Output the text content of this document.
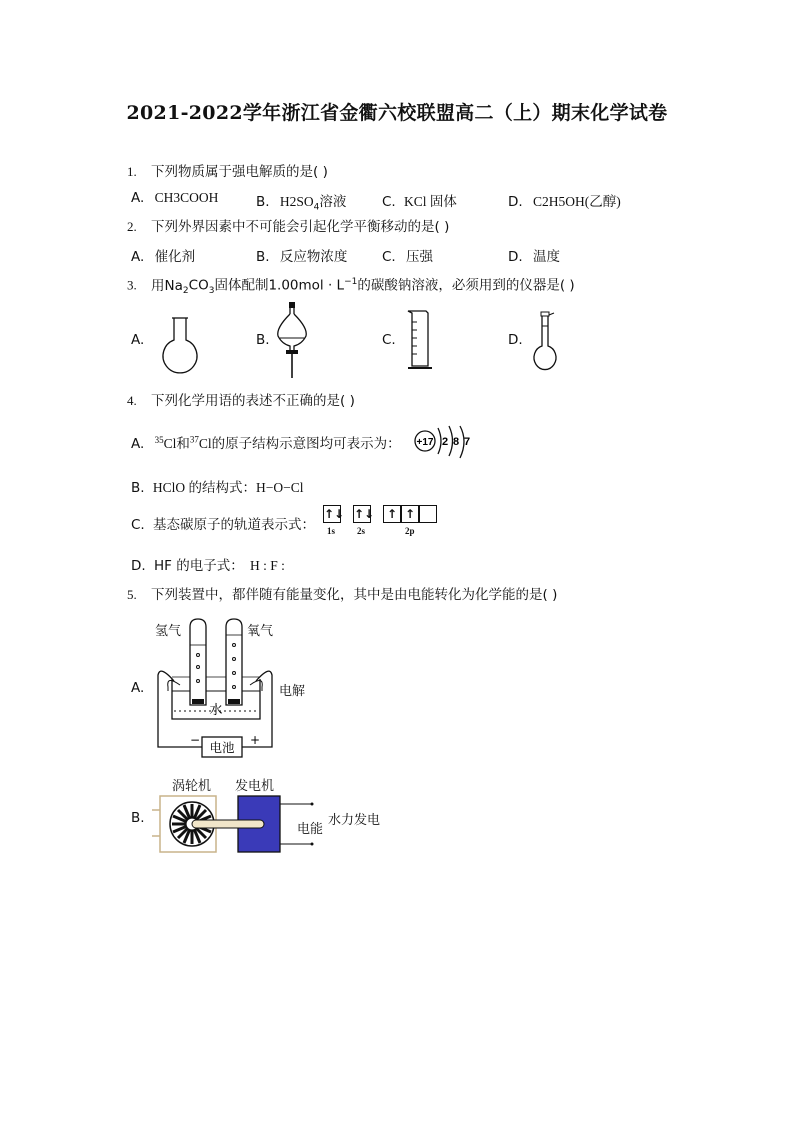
2021-2022学年浙江省金衢六校联盟高二（上）期末化学试卷
1. 下列物质属于强电解质的是( )
A. CH3COOH	B. $H2SO_4$溶液	C. KCl 固体	D. C2H5OH(乙醇)
2. 下列外界因素中不可能会引起化学平衡移动的是( )
A. 催化剂	B. 反应物浓度	C. 压强	D. 温度
3. 用$Na_2CO_3$固体配制$1.00mol \cdot L^{-1}$的碳酸钠溶液，必须用到的仪器是( )
A.	B.	C.	D.
4. 下列化学用语的表述不正确的是( )
A. $^{35}$Cl和$^{37}$Cl的原子结构示意图均可表示为： +17 2 8 7
B. HClO 的结构式：H−O−Cl
C. 基态碳原子的轨道表示式：
↑↓ ↑↓	↑ ↑
1s 2s	2p
D. HF 的电子式： H : F :
5. 下列装置中，都伴随有能量变化，其中是由电能转化为化学能的是( )
A.
氢气	氧气
电解
水
电池
−	+
B.
涡轮机 发电机
电能
水力发电
